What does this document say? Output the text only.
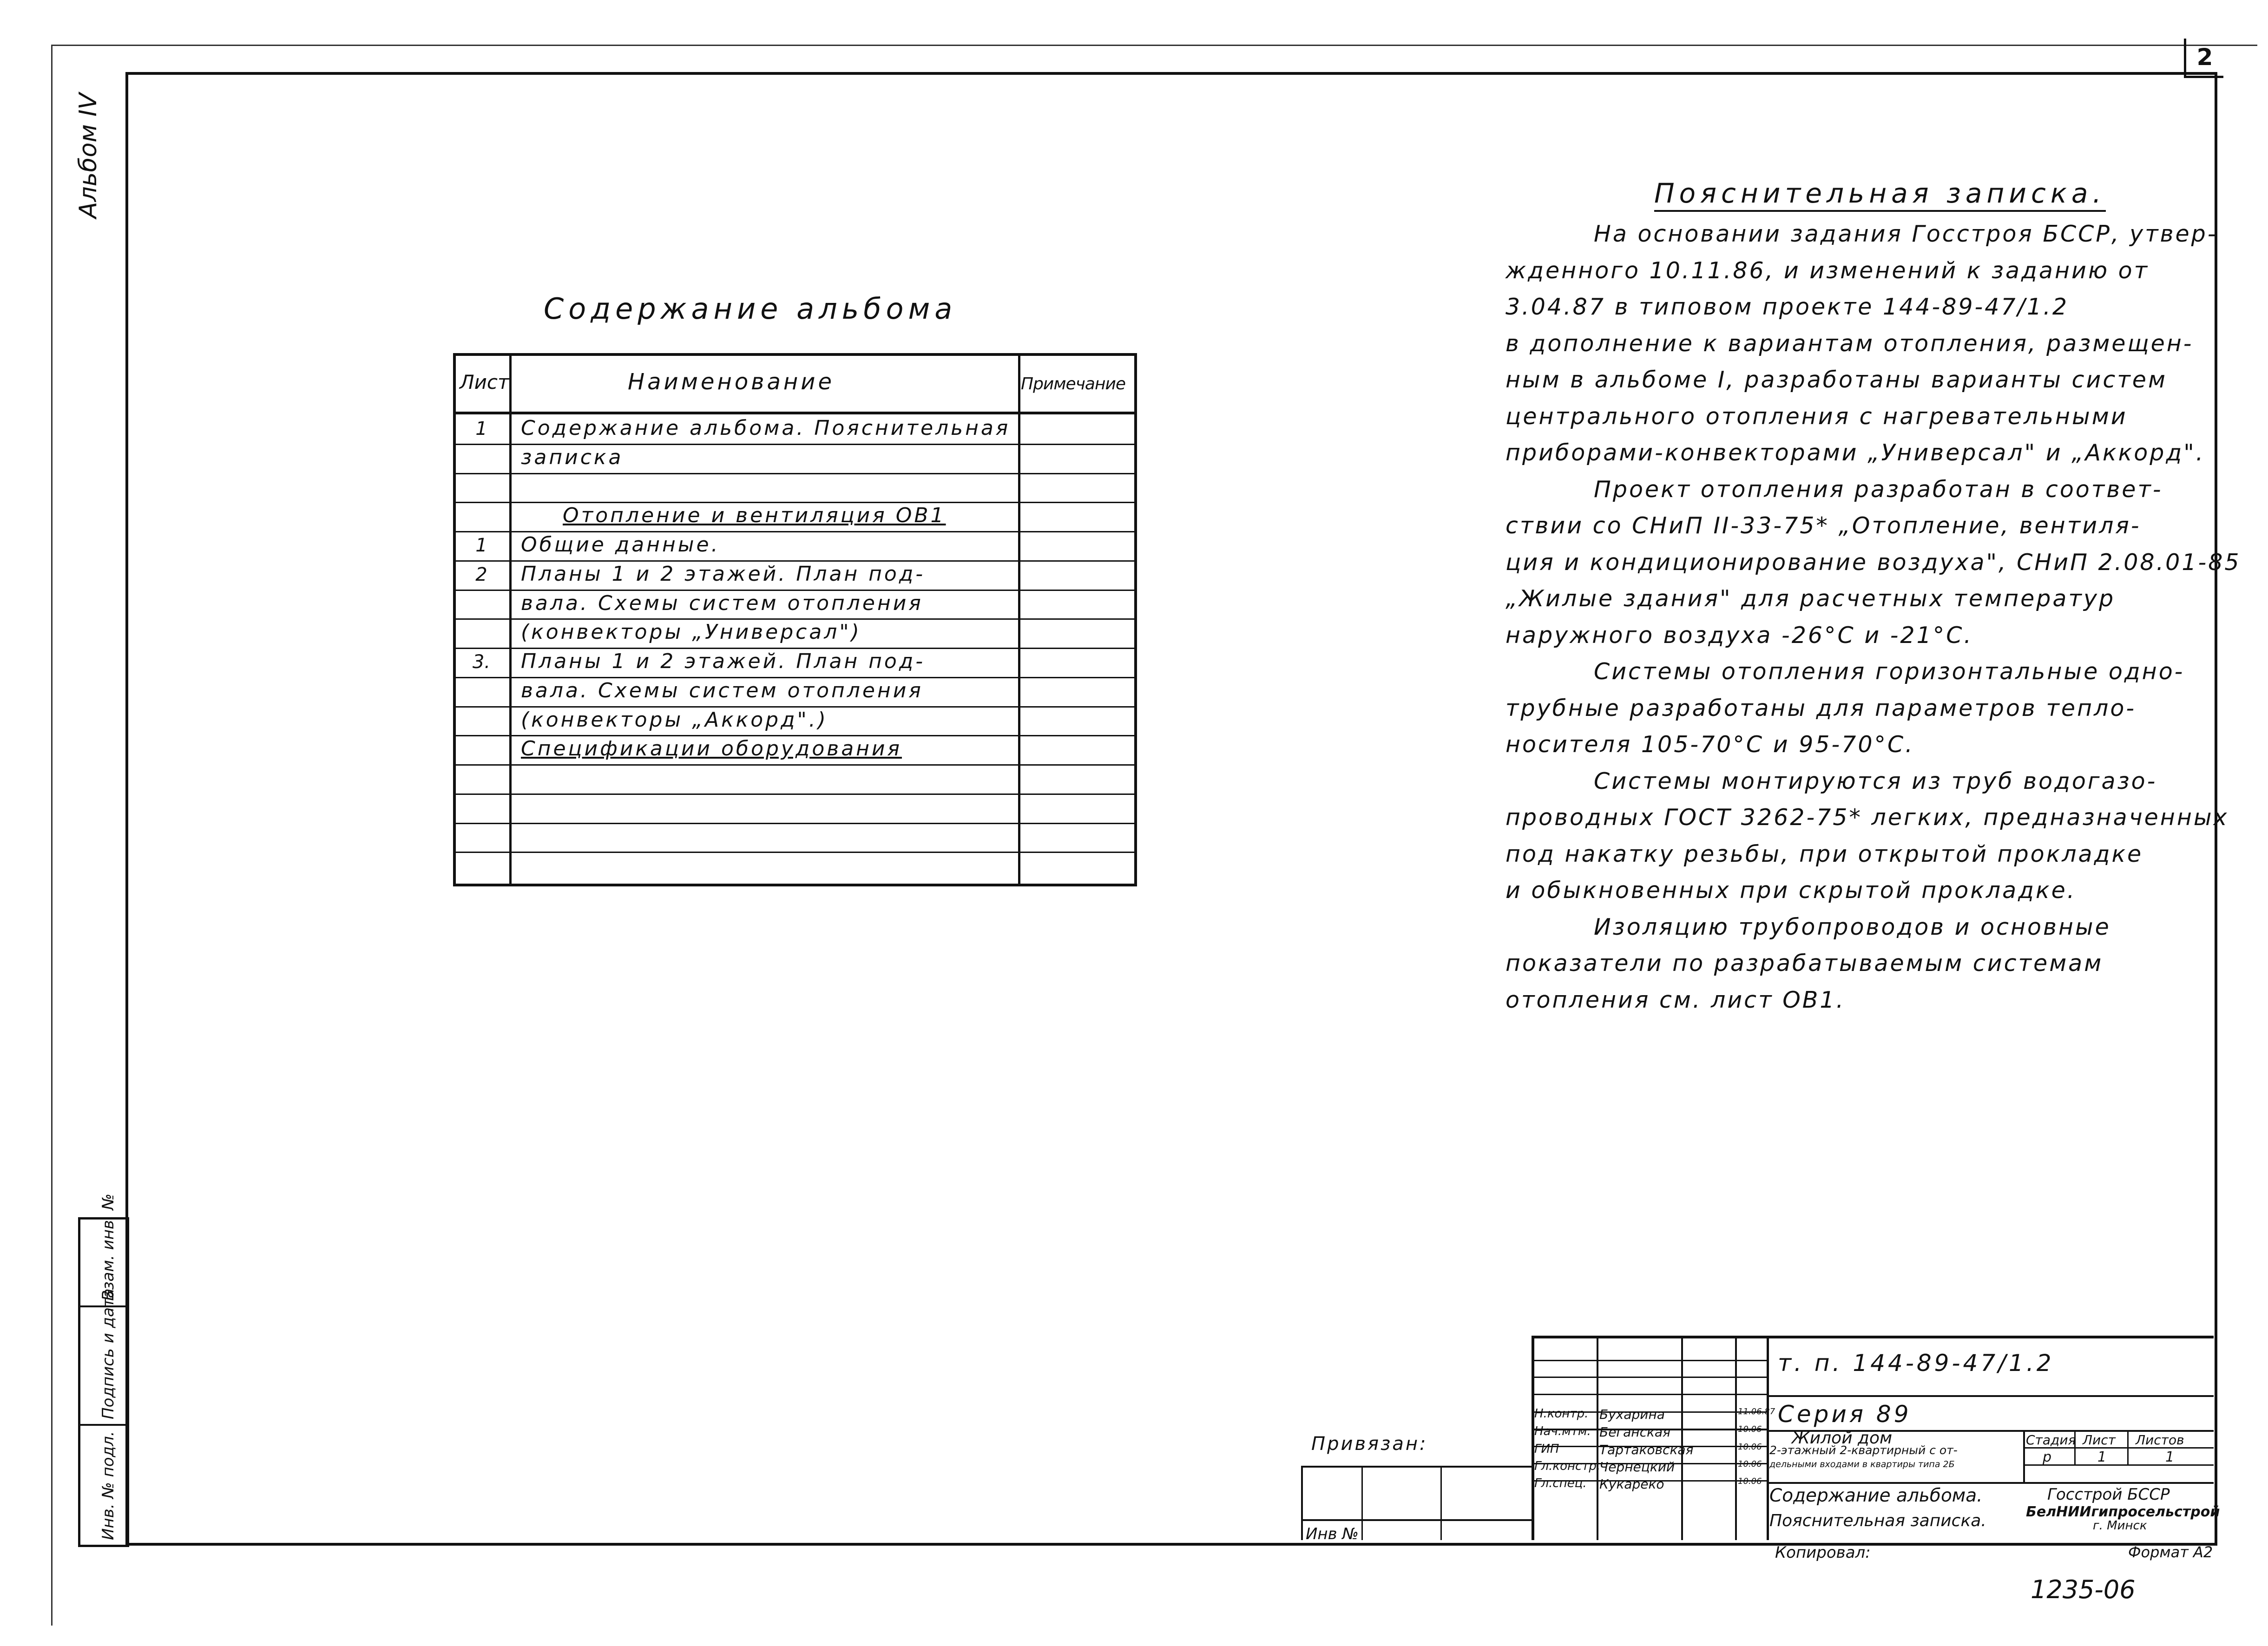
2
Альбом IV
Инв. № подл.
Подпись и дата
Взам. инв. №
Содержание альбома
Лист	Наименование	Примечание
1	Содержание альбома. Пояснительная
записка
Отопление и вентиляция ОВ1
1	Общие данные.
2	Планы 1 и 2 этажей. План под-
вала. Схемы систем отопления
(конвекторы „Универсал")
3.	Планы 1 и 2 этажей. План под-
вала. Схемы систем отопления
(конвекторы „Аккорд".)
Спецификации оборудования
Пояснительная записка.
На основании задания Госстроя БССР, утвер-
жденного 10.11.86, и изменений к заданию от
3.04.87 в типовом проекте 144-89-47/1.2
в дополнение к вариантам отопления, размещен-
ным в альбоме I, разработаны варианты систем
центрального отопления с нагревательными
приборами-конвекторами „Универсал" и „Аккорд".
Проект отопления разработан в соответ-
ствии со СНиП II-33-75* „Отопление, вентиля-
ция и кондиционирование воздуха", СНиП 2.08.01-85
„Жилые здания" для расчетных температур
наружного воздуха -26°С и -21°С.
Системы отопления горизонтальные одно-
трубные разработаны для параметров тепло-
носителя 105-70°С и 95-70°С.
Системы монтируются из труб водогазо-
проводных ГОСТ 3262-75* легких, предназначенных
под накатку резьбы, при открытой прокладке
и обыкновенных при скрытой прокладке.
Изоляцию трубопроводов и основные
показатели по разрабатываемым системам
отопления см. лист ОВ1.
т. п. 144-89-47/1.2
Серия 89
Н.контр. Бухарина	11.06.87
Нач.мтм. Беганская	10.06
ГИП	Тартаковская	10.06
Гл.констр.
Чернецкий	10.06
Гл.спец. Кукареко	10.06
Жилой дом
2-этажный 2-квартирный с от-
дельными входами в квартиры типа 2Б
Содержание альбома.
Пояснительная записка.
Стадия Лист Листов
р	1	1
Госстрой БССР
БелНИИгипросельстрой
г. Минск
Привязан:
Инв №
Копировал:	Формат А2
1235-06
